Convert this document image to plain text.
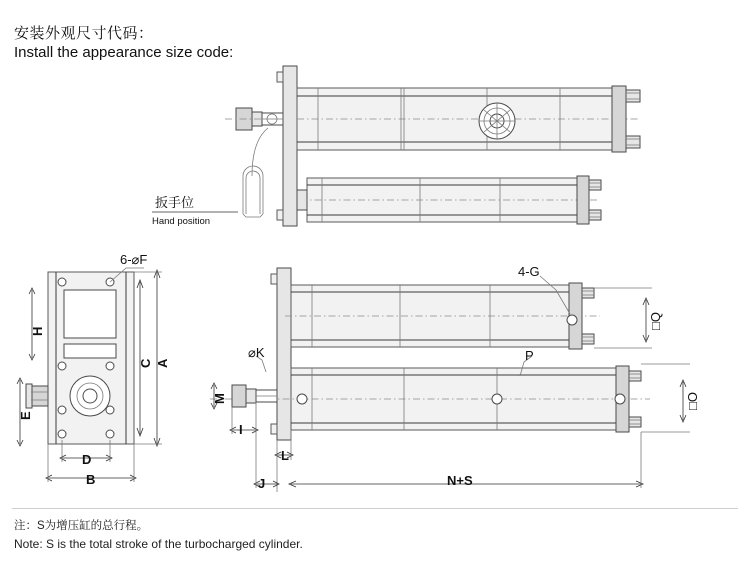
安装外观尺寸代码：
Install the appearance size code:
扳手位
Hand position
6-⌀F
4-G
⌀K	P
H
E
C A
M
□Q
□O
D
B
I
L
J	N+S
注：S为增压缸的总行程。
Note: S is the total stroke of the turbocharged cylinder.
